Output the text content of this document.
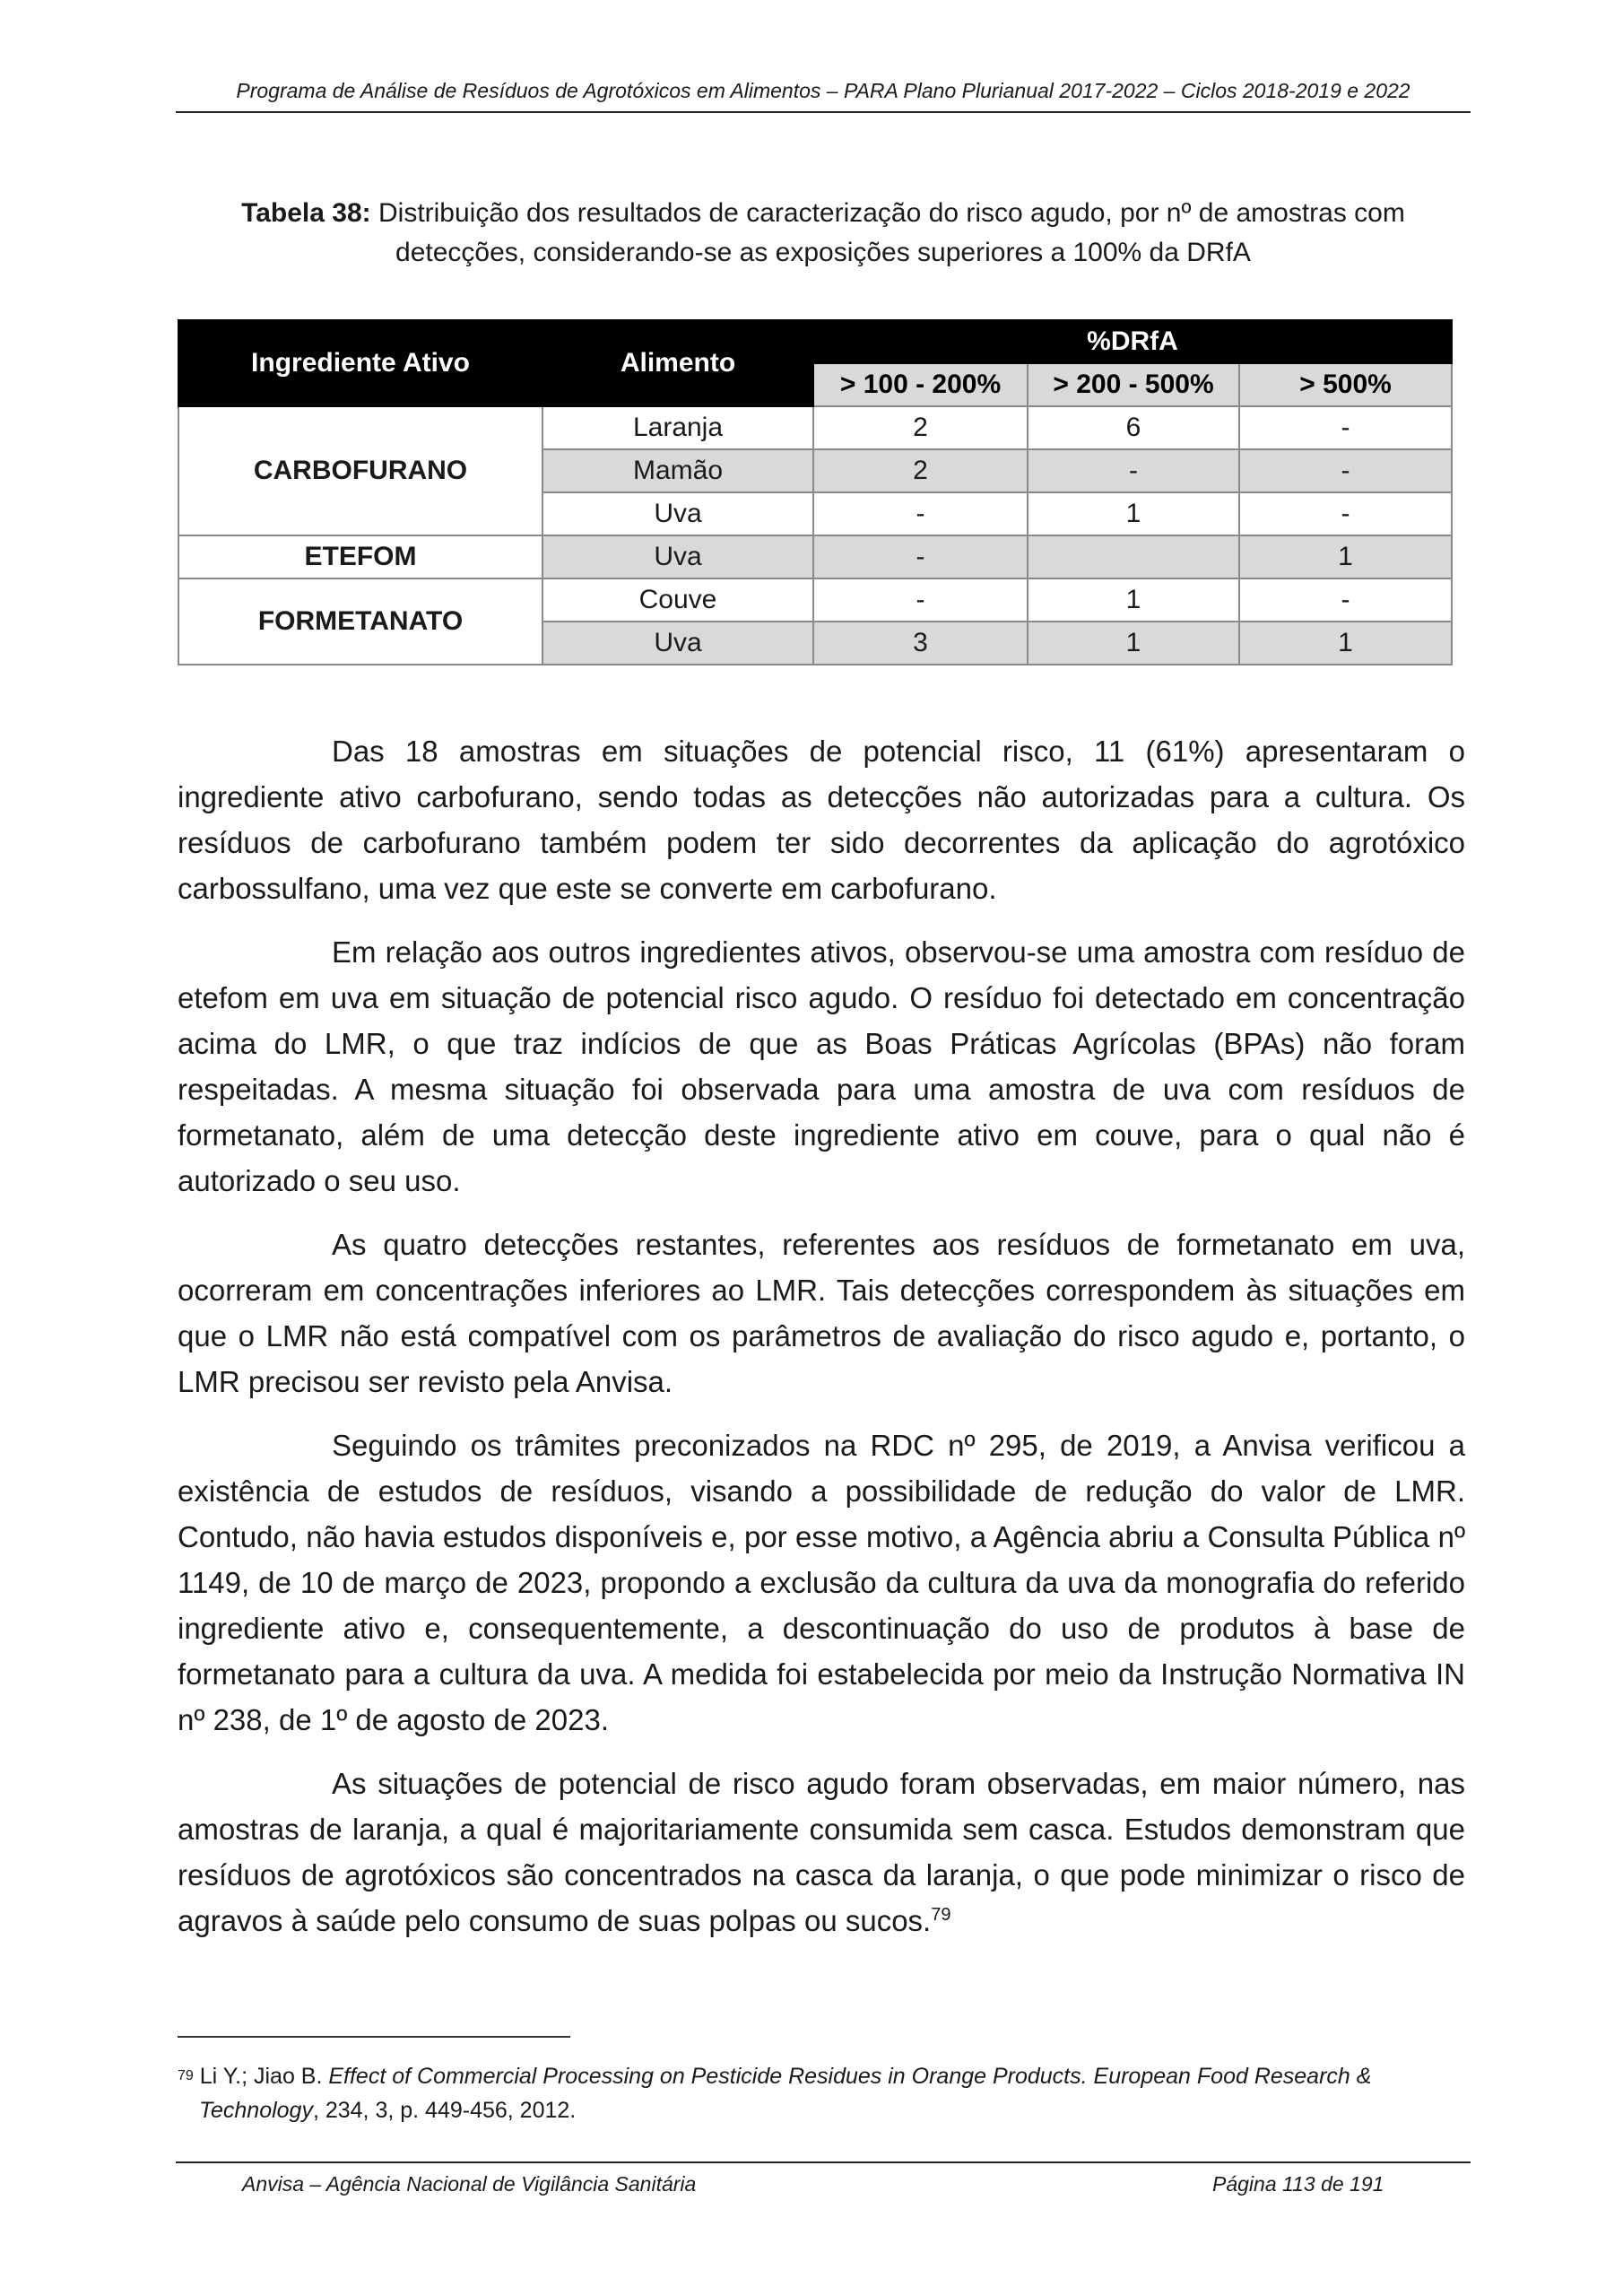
Programa de Análise de Resíduos de Agrotóxicos em Alimentos – PARA Plano Plurianual 2017-2022 – Ciclos 2018-2019 e 2022
Tabela 38: Distribuição dos resultados de caracterização do risco agudo, por nº de amostras com
detecções, considerando-se as exposições superiores a 100% da DRfA
Ingrediente Ativo	Alimento	%DRfA		
		> 100 - 200%	> 200 - 500%	> 500%
CARBOFURANO	Laranja	2	6	-
	Mamão	2	-	-
	Uva	-	1	-
ETEFOM	Uva	-		1
FORMETANATO	Couve	-	1	-
	Uva	3	1	1

Das 18 amostras em situações de potencial risco, 11 (61%) apresentaram o ingrediente ativo carbofurano, sendo todas as detecções não autorizadas para a cultura. Os resíduos de carbofurano também podem ter sido decorrentes da aplicação do agrotóxico carbossulfano, uma vez que este se converte em carbofurano.

Em relação aos outros ingredientes ativos, observou-se uma amostra com resíduo de etefom em uva em situação de potencial risco agudo. O resíduo foi detectado em concentração acima do LMR, o que traz indícios de que as Boas Práticas Agrícolas (BPAs) não foram respeitadas. A mesma situação foi observada para uma amostra de uva com resíduos de formetanato, além de uma detecção deste ingrediente ativo em couve, para o qual não é autorizado o seu uso.

As quatro detecções restantes, referentes aos resíduos de formetanato em uva, ocorreram em concentrações inferiores ao LMR. Tais detecções correspondem às situações em que o LMR não está compatível com os parâmetros de avaliação do risco agudo e, portanto, o LMR precisou ser revisto pela Anvisa.

Seguindo os trâmites preconizados na RDC nº 295, de 2019, a Anvisa verificou a existência de estudos de resíduos, visando a possibilidade de redução do valor de LMR. Contudo, não havia estudos disponíveis e, por esse motivo, a Agência abriu a Consulta Pública nº 1149, de 10 de março de 2023, propondo a exclusão da cultura da uva da monografia do referido ingrediente ativo e, consequentemente, a descontinuação do uso de produtos à base de formetanato para a cultura da uva. A medida foi estabelecida por meio da Instrução Normativa IN nº 238, de 1º de agosto de 2023.

As situações de potencial de risco agudo foram observadas, em maior número, nas amostras de laranja, a qual é majoritariamente consumida sem casca. Estudos demonstram que resíduos de agrotóxicos são concentrados na casca da laranja, o que pode minimizar o risco de agravos à saúde pelo consumo de suas polpas ou sucos.$^{79}$

$^{79}$ Li Y.; Jiao B. Effect of Commercial Processing on Pesticide Residues in Orange Products. European Food Research &
Technology, 234, 3, p. 449-456, 2012.
Anvisa – Agência Nacional de Vigilância Sanitária	Página 113 de 191
